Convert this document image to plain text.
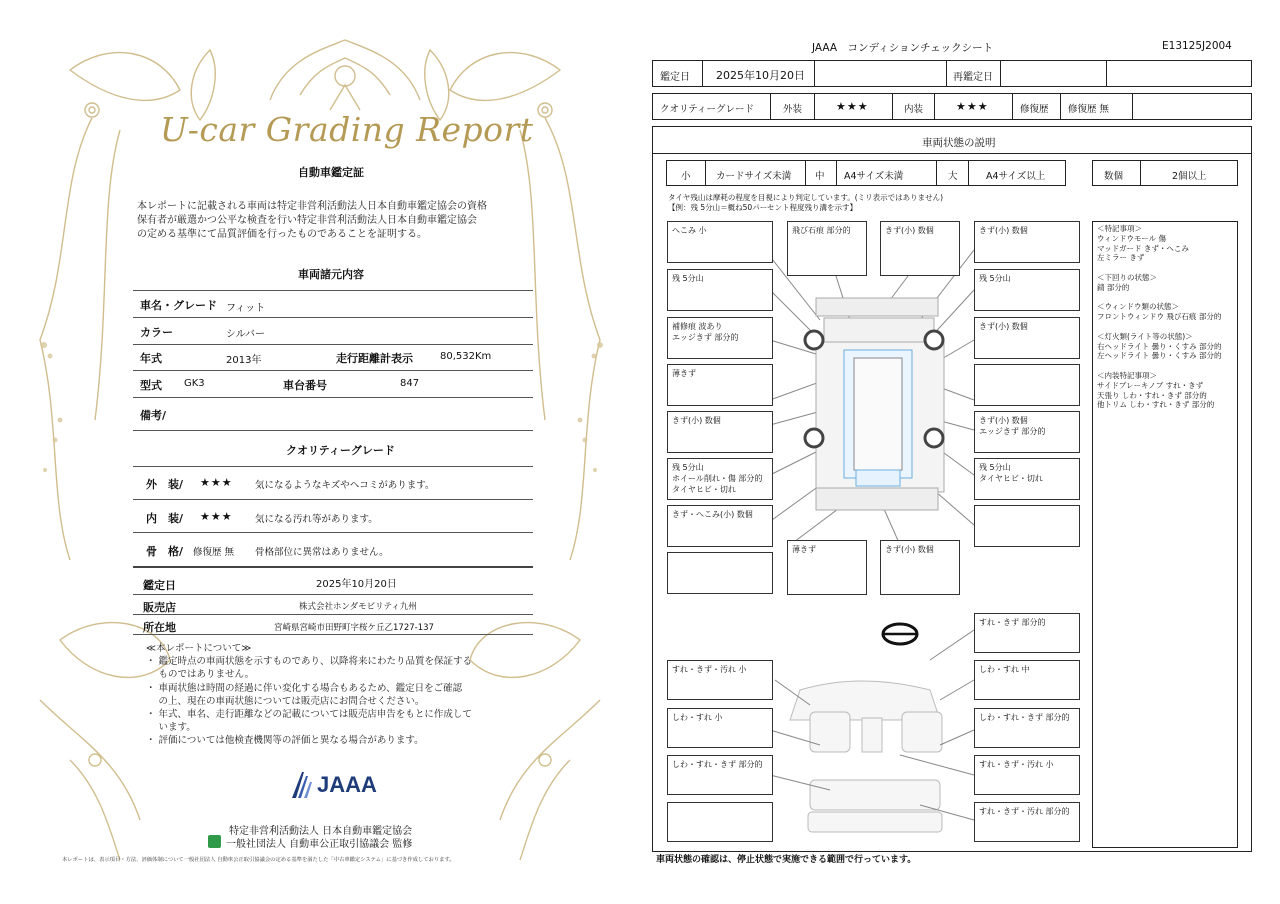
U-car Grading Report
自動車鑑定証
本レポートに記載される車両は特定非営利活動法人日本自動車鑑定協会の資格
保有者が厳選かつ公平な検査を行い特定非営利活動法人日本自動車鑑定協会
の定める基準にて品質評価を行ったものであることを証明する。
車両諸元内容
車名・グレード フィット
カラー	シルバー
年式	2013年	走行距離計表示	80,532Km
型式 GK3	車台番号	847
備考/
クオリティーグレード
外　装/ ★★★ 気になるようなキズやヘコミがあります。
内　装/ ★★★ 気になる汚れ等があります。
骨　格/ 修復歴 無 骨格部位に異常はありません。
鑑定日	2025年10月20日
販売店	株式会社ホンダモビリティ九州
所在地	宮崎県宮崎市田野町字桜ケ丘乙1727-137
≪本レポートについて≫
・ 鑑定時点の車両状態を示すものであり、以降将来にわたり品質を保証する
　 ものではありません。
・ 車両状態は時間の経過に伴い変化する場合もあるため、鑑定日をご確認
　 の上、現在の車両状態については販売店にお問合せください。
・ 年式、車名、走行距離などの記載については販売店申告をもとに作成して
　 います。
・ 評価については他検査機関等の評価と異なる場合があります。
JAAA
特定非営利活動法人 日本自動車鑑定協会
一般社団法人 自動車公正取引協議会 監修
本レポートは、表示項目・方法、評価体制について一般社団法人 自動車公正取引協議会の定める基準を満たした「中古車鑑定システム」に基づき作成しております。
JAAA　コンディションチェックシート	E13125J2004
鑑定日 2025年10月20日	再鑑定日
クオリティーグレード	外装	★★★	内装	★★★	修復歴 修復歴 無
車両状態の説明
小	カードサイズ未満	中 A4サイズ未満	大	A4サイズ以上	数個	2個以上
タイヤ残山は摩耗の程度を目視により判定しています。(ミリ表示ではありません)
【例：残 5分山＝概ね50パーセント程度残り溝を示す】
へこみ 小	飛び石痕 部分的	きず(小) 数個	きず(小) 数個
残 5分山	残 5分山
補修痕 波あり
エッジきず 部分的
きず(小) 数個
薄きず
きず(小) 数個	きず(小) 数個
エッジきず 部分的
残 5分山
ホイール削れ・傷 部分的
タイヤヒビ・切れ
残 5分山
タイヤヒビ・切れ
きず・へこみ(小) 数個
薄きず	きず(小) 数個
＜特記事項＞
ウィンドウモール 傷
マッドガード きず・へこみ
左ミラー きず
＜下回りの状態＞
錆 部分的
＜ウィンドウ類の状態＞
フロントウィンドウ 飛び石痕 部分的
＜灯火類(ライト等の状態)＞
右ヘッドライト 曇り・くすみ 部分的
左ヘッドライト 曇り・くすみ 部分的
＜内装特記事項＞
サイドブレーキノブ すれ・きず
天張り しわ・すれ・きず 部分的
他トリム しわ・すれ・きず 部分的
すれ・きず 部分的
すれ・きず・汚れ 小	しわ・すれ 中
しわ・すれ 小	しわ・すれ・きず 部分的
しわ・すれ・きず 部分的	すれ・きず・汚れ 小
すれ・きず・汚れ 部分的
車両状態の確認は、停止状態で実施できる範囲で行っています。
